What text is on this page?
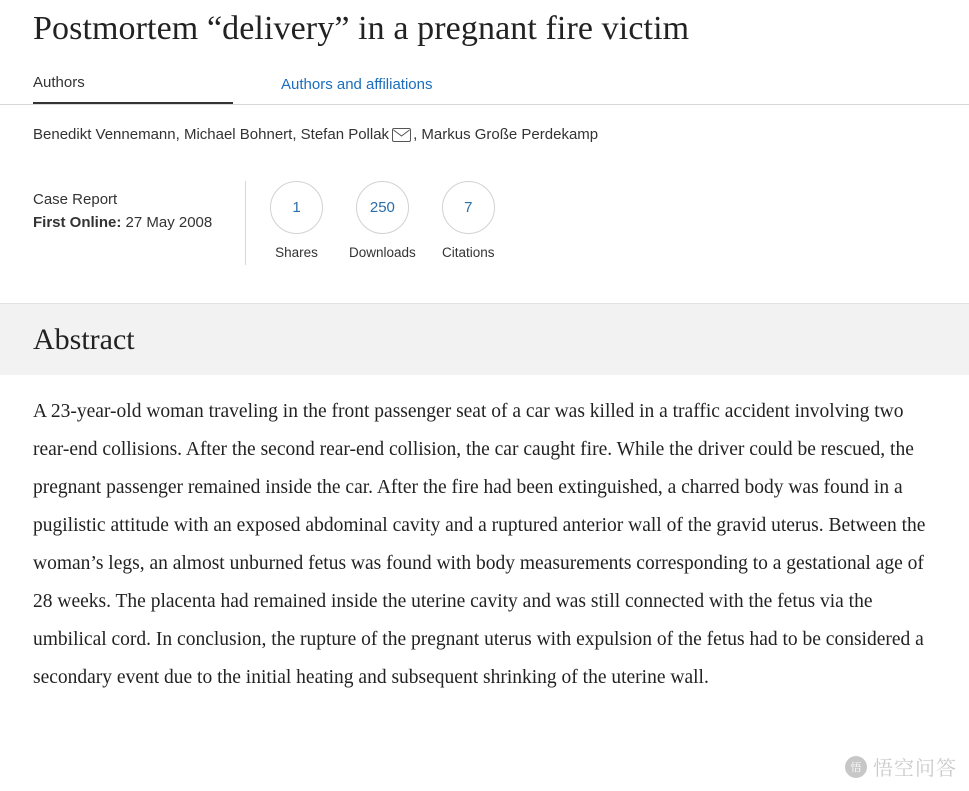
Postmortem “delivery” in a pregnant fire victim
Authors	Authors and affiliations
Benedikt Vennemann, Michael Bohnert, Stefan Pollak , Markus Große Perdekamp
Case Report
First Online: 27 May 2008
1
Shares
250
Downloads
7
Citations
Abstract
A 23-year-old woman traveling in the front passenger seat of a car was killed in a traffic accident involving two rear-end collisions. After the second rear-end collision, the car caught fire. While the driver could be rescued, the pregnant passenger remained inside the car. After the fire had been extinguished, a charred body was found in a pugilistic attitude with an exposed abdominal cavity and a ruptured anterior wall of the gravid uterus. Between the woman’s legs, an almost unburned fetus was found with body measurements corresponding to a gestational age of 28 weeks. The placenta had remained inside the uterine cavity and was still connected with the fetus via the umbilical cord. In conclusion, the rupture of the pregnant uterus with expulsion of the fetus had to be considered a secondary event due to the initial heating and subsequent shrinking of the uterine wall.
悟 悟空问答
